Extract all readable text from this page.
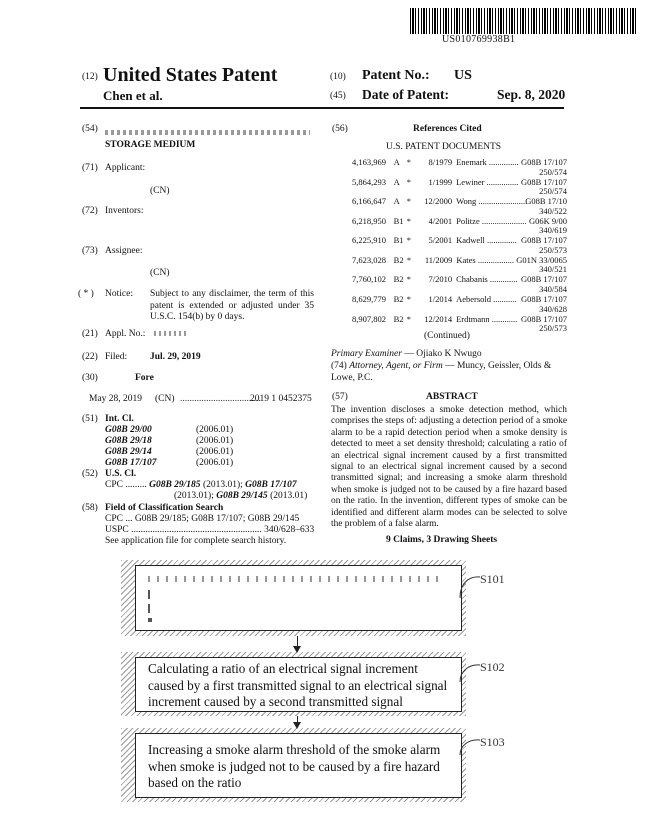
US010769938B1
(12) United States Patent
Chen et al.
(10) Patent No.: US
(45) Date of Patent:	Sep. 8, 2020
(54)
STORAGE MEDIUM
(71) Applicant:
(CN)
(72) Inventors:
(73) Assignee:
(CN)
( * ) Notice: Subject to any disclaimer, the term of this patent is extended or adjusted under 35 U.S.C. 154(b) by 0 days.
(21) Appl. No.:
(22) Filed: Jul. 29, 2019
(30)	Fore
May 28, 2019 (CN) ..................................
2019 1 0452375
(51) Int. Cl.
G08B 29/00	(2006.01)
G08B 29/18	(2006.01)
G08B 29/14	(2006.01)
G08B 17/107	(2006.01)
(52) U.S. Cl.
CPC ......... G08B 29/185 (2013.01); G08B 17/107
(2013.01); G08B 29/145 (2013.01)
(58) Field of Classification Search
CPC ... G08B 29/185; G08B 17/107; G08B 29/145
USPC ....................................................... 340/628–633
See application file for complete search history.
(56)	References Cited
U.S. PATENT DOCUMENTS
4,163,969 A *	8/1979 Enemark .............. G08B 17/107
250/574
5,864,293 A *	1/1999 Lewiner ............... G08B 17/107
250/574
6,166,647 A *	12/2000 Wong .......................
G08B 17/10
340/522
6,218,950 B1 *	4/2001 Politze ..................... G06K 9/00
340/619
6,225,910 B1 *	5/2001 Kadwell .............. G08B 17/107
250/573
7,623,028 B2 *	11/2009 Kates ................. G01N 33/0065
340/521
7,760,102 B2 *	7/2010 Chabanis ............. G08B 17/107
340/584
8,629,779 B2 *	1/2014 Aebersold ........... G08B 17/107
340/628
8,907,802 B2 *	12/2014 Erdtmann ............ G08B 17/107
250/573
(Continued)
Primary Examiner — Ojiako K Nwugo
(74) Attorney, Agent, or Firm — Muncy, Geissler, Olds & Lowe, P.C.
(57)	ABSTRACT
The invention discloses a smoke detection method, which comprises the steps of: adjusting a detection period of a smoke alarm to be a rapid detection period when a smoke density is detected to meet a set density threshold; calculating a ratio of an electrical signal increment caused by a first transmitted signal to an electrical signal increment caused by a second transmitted signal; and increasing a smoke alarm threshold when smoke is judged not to be caused by a fire hazard based on the ratio. In the invention, different types of smoke can be identified and different alarm modes can be selected to solve the problem of a false alarm.
9 Claims, 3 Drawing Sheets
S101
Calculating a ratio of an electrical signal increment caused by a first transmitted signal to an electrical signal increment caused by a second transmitted signal
S102
Increasing a smoke alarm threshold of the smoke alarm when smoke is judged not to be caused by a fire hazard based on the ratio
S103
